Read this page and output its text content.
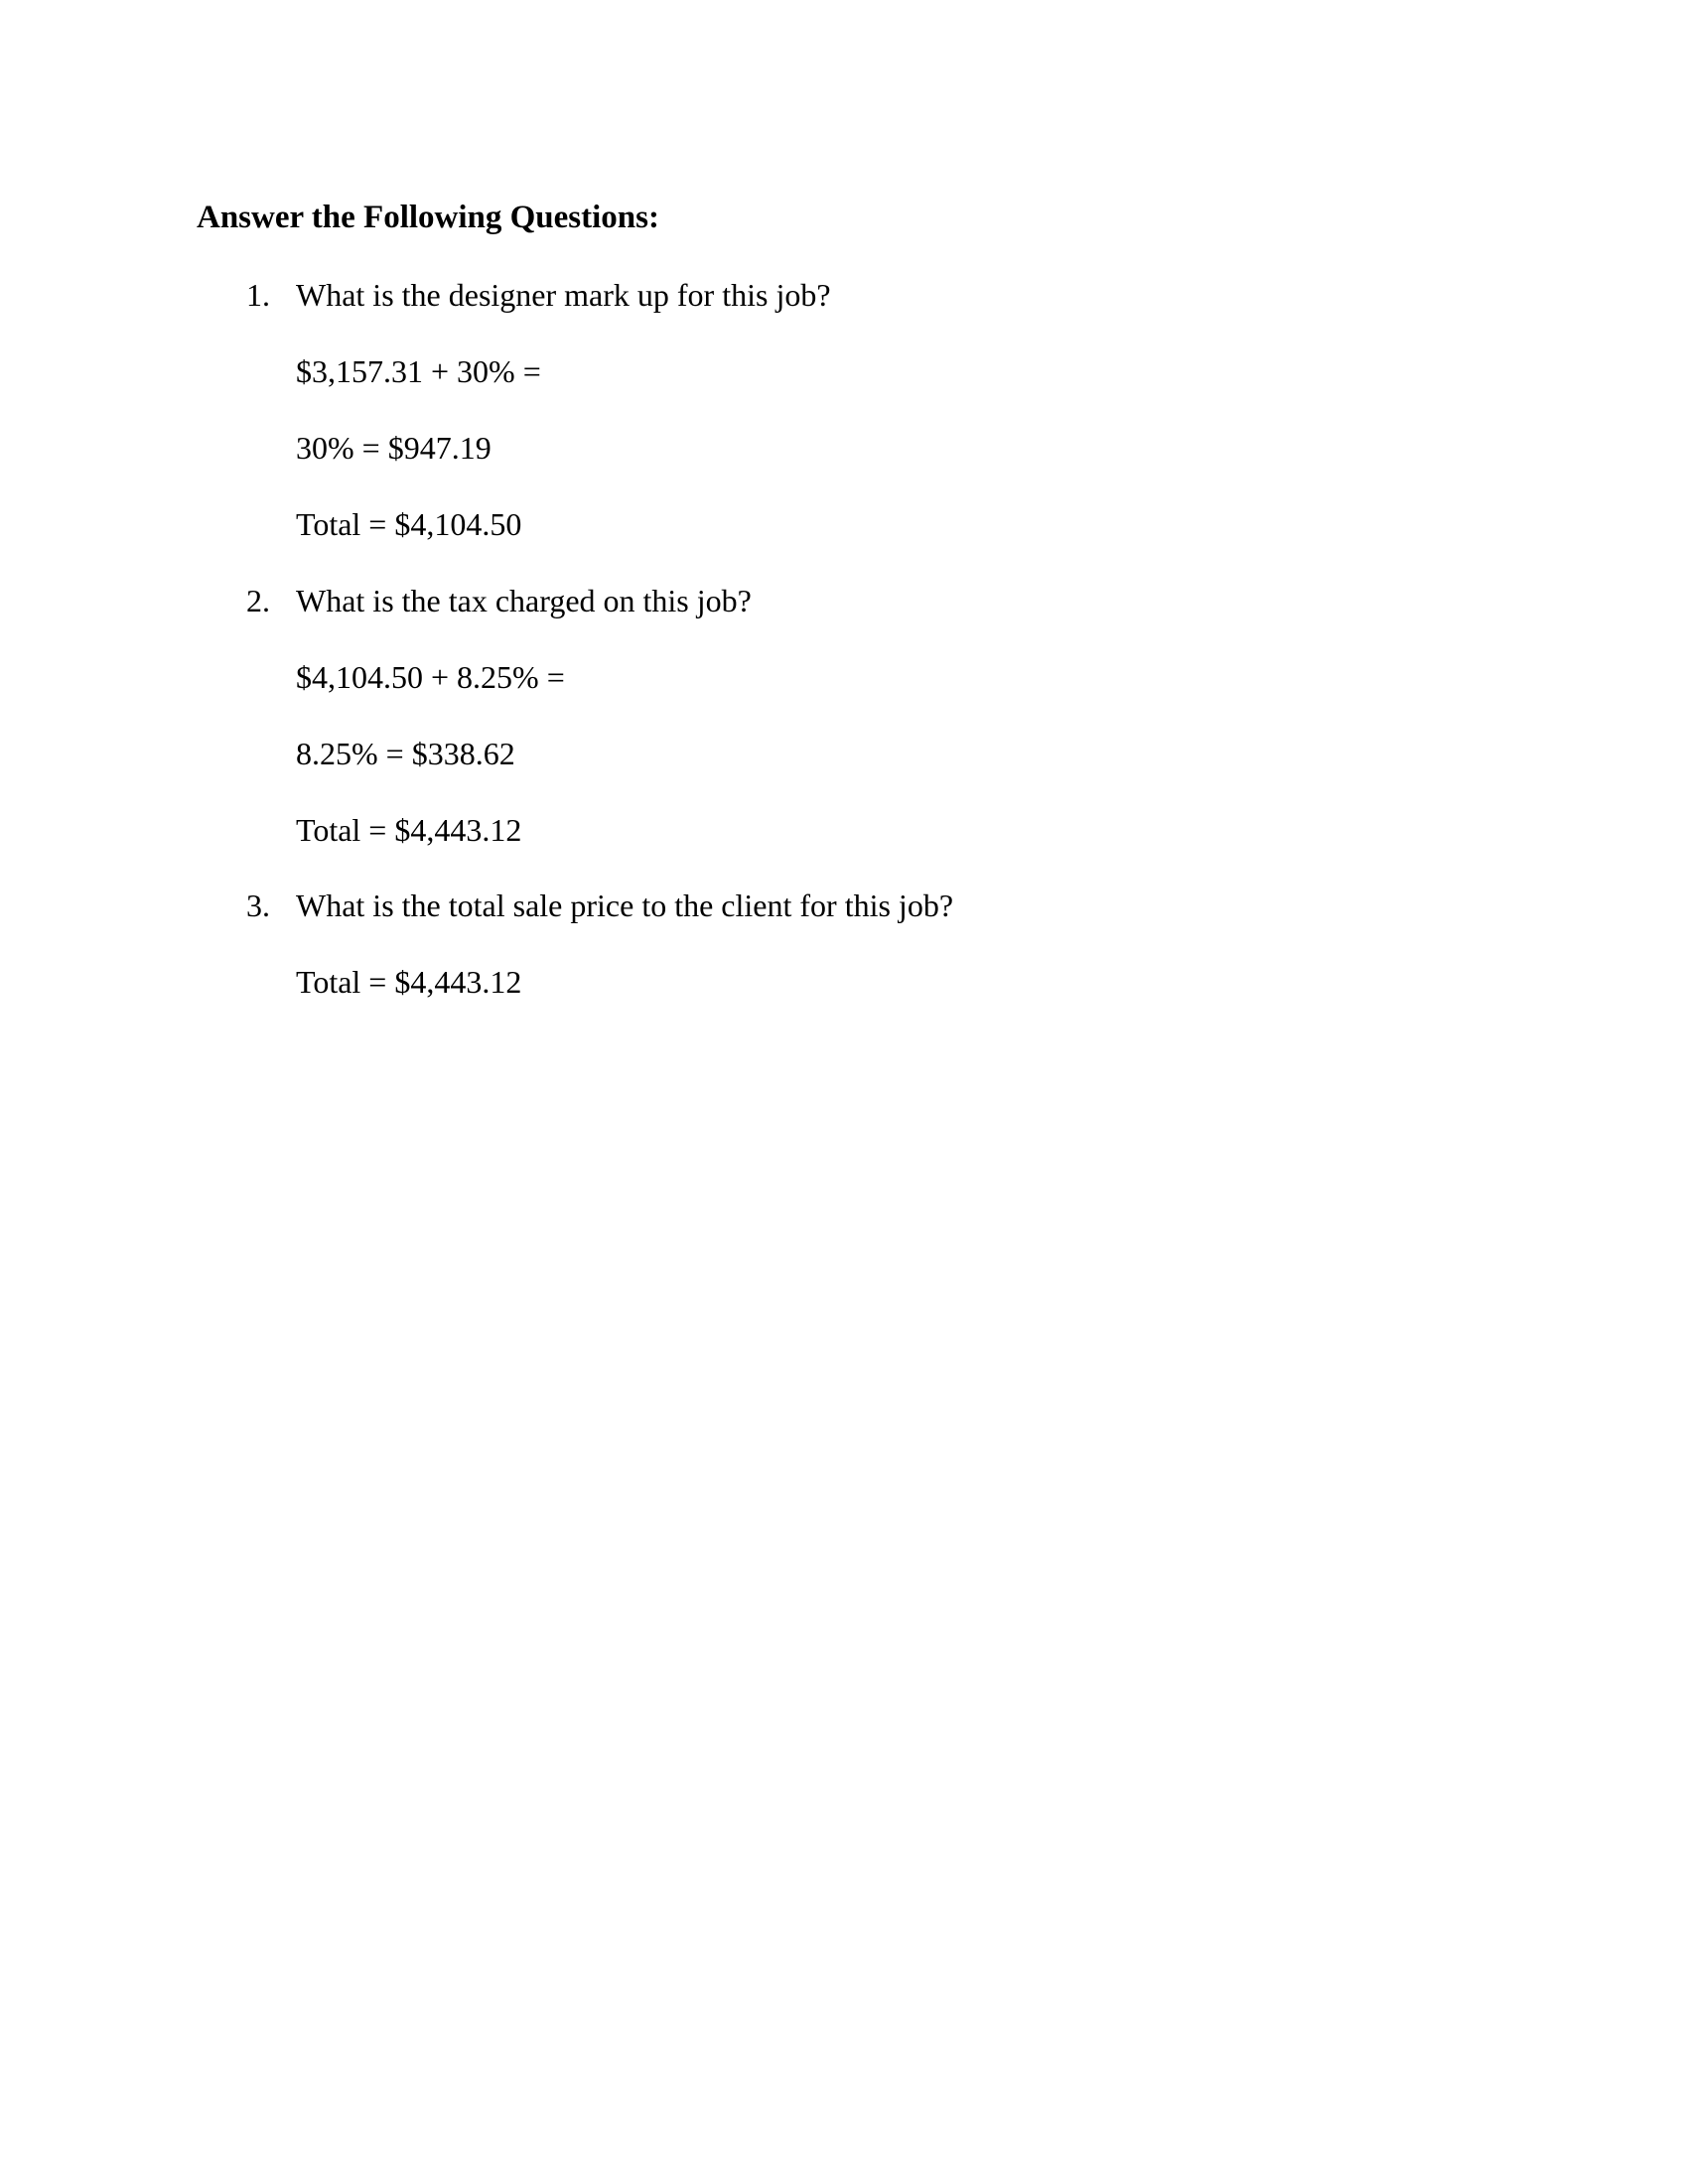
Answer the Following Questions:
1. What is the designer mark up for this job?
$3,157.31 + 30% =
30% = $947.19
Total = $4,104.50
2. What is the tax charged on this job?
$4,104.50 + 8.25% =
8.25% = $338.62
Total = $4,443.12
3. What is the total sale price to the client for this job?
Total = $4,443.12
